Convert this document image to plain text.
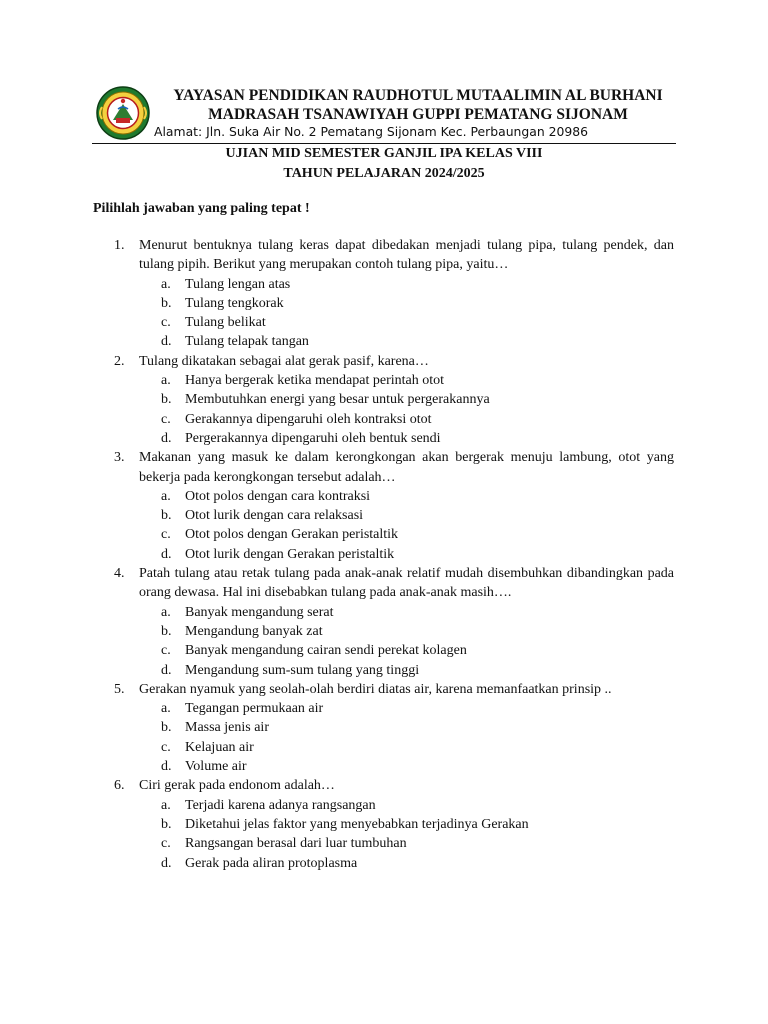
YAYASAN PENDIDIKAN RAUDHOTUL MUTAALIMIN AL BURHANI
MADRASAH TSANAWIYAH GUPPI PEMATANG SIJONAM
Alamat: Jln. Suka Air No. 2 Pematang Sijonam Kec. Perbaungan 20986
UJIAN MID SEMESTER GANJIL IPA KELAS VIII
TAHUN PELAJARAN 2024/2025
Pilihlah jawaban yang paling tepat !
1. Menurut bentuknya tulang keras dapat dibedakan menjadi tulang pipa, tulang pendek, dan tulang pipih. Berikut yang merupakan contoh tulang pipa, yaitu…
a. Tulang lengan atas
b. Tulang tengkorak
c. Tulang belikat
d. Tulang telapak tangan
2. Tulang dikatakan sebagai alat gerak pasif, karena…
a. Hanya bergerak ketika mendapat perintah otot
b. Membutuhkan energi yang besar untuk pergerakannya
c. Gerakannya dipengaruhi oleh kontraksi otot
d. Pergerakannya dipengaruhi oleh bentuk sendi
3. Makanan yang masuk ke dalam kerongkongan akan bergerak menuju lambung, otot yang bekerja pada kerongkongan tersebut adalah…
a. Otot polos dengan cara kontraksi
b. Otot lurik dengan cara relaksasi
c. Otot polos dengan Gerakan peristaltik
d. Otot lurik dengan Gerakan peristaltik
4. Patah tulang atau retak tulang pada anak-anak relatif mudah disembuhkan dibandingkan pada orang dewasa. Hal ini disebabkan tulang pada anak-anak masih….
a. Banyak mengandung serat
b. Mengandung banyak zat
c. Banyak mengandung cairan sendi perekat kolagen
d. Mengandung sum-sum tulang yang tinggi
5. Gerakan nyamuk yang seolah-olah berdiri diatas air, karena memanfaatkan prinsip ..
a. Tegangan permukaan air
b. Massa jenis air
c. Kelajuan air
d. Volume air
6. Ciri gerak pada endonom adalah…
a. Terjadi karena adanya rangsangan
b. Diketahui jelas faktor yang menyebabkan terjadinya Gerakan
c. Rangsangan berasal dari luar tumbuhan
d. Gerak pada aliran protoplasma
